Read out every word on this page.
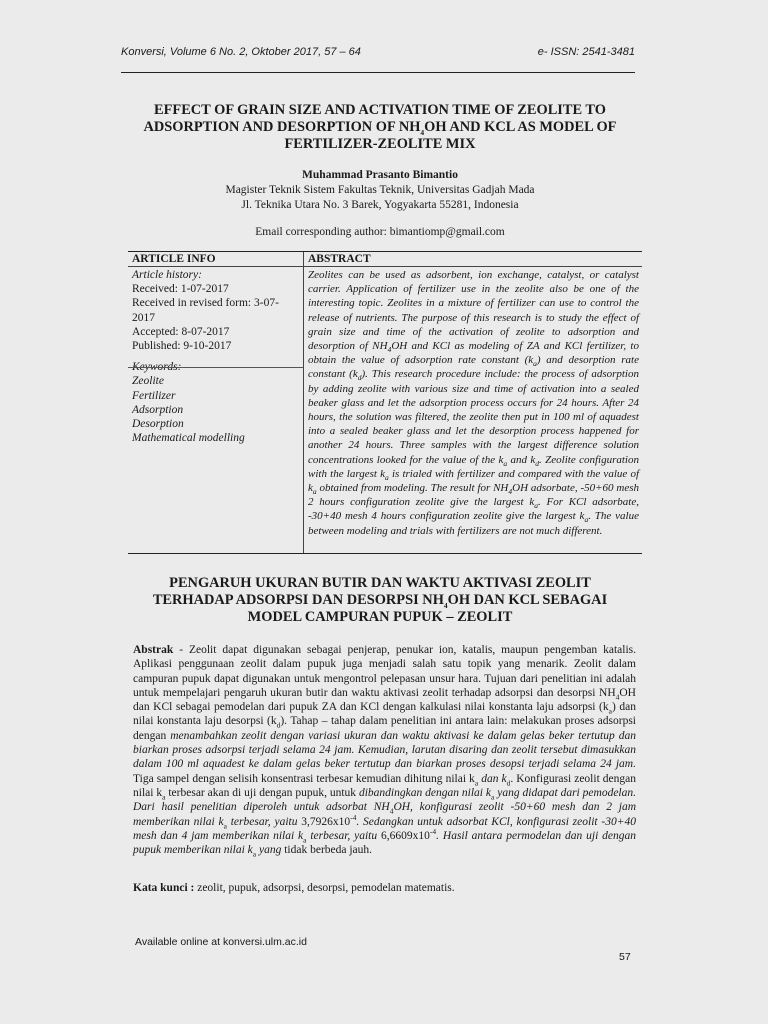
Konversi, Volume 6 No. 2, Oktober 2017, 57 – 64	e- ISSN: 2541-3481
EFFECT OF GRAIN SIZE AND ACTIVATION TIME OF ZEOLITE TO
ADSORPTION AND DESORPTION OF $NH_4OH$ AND KCL AS MODEL OF
FERTILIZER-ZEOLITE MIX
Muhammad Prasanto Bimantio
Magister Teknik Sistem Fakultas Teknik, Universitas Gadjah Mada
Jl. Teknika Utara No. 3 Barek, Yogyakarta 55281, Indonesia
Email corresponding author: bimantiomp@gmail.com
ARTICLE INFO	ABSTRACT
Article history:
Received: 1-07-2017
Received in revised form: 3-07-
2017
Accepted: 8-07-2017
Published: 9-10-2017
Keywords:
Zeolite
Fertilizer
Adsorption
Desorption
Mathematical modelling
Zeolites can be used as adsorbent, ion exchange, catalyst, or catalyst carrier. Application of fertilizer use in the zeolite also be one of the interesting topic. Zeolites in a mixture of fertilizer can use to control the release of nutrients. The purpose of this research is to study the effect of grain size and time of the activation of zeolite to adsorption and desorption of $NH_4OH$ and KCl as modeling of ZA and KCl fertilizer, to obtain the value of adsorption rate constant $(k_a)$ and desorption rate constant $(k_d)$. This research procedure include: the process of adsorption by adding zeolite with various size and time of activation into a sealed beaker glass and let the adsorption process occurs for 24 hours. After 24 hours, the solution was filtered, the zeolite then put in 100 ml of aquadest into a sealed beaker glass and let the desorption process happened for another 24 hours. Three samples with the largest difference solution concentrations looked for the value of the $k_a$ and $k_d$. Zeolite configuration with the largest $k_a$ is trialed with fertilizer and compared with the value of $k_a$ obtained from modeling. The result for $NH_4OH$ adsorbate, -50+60 mesh 2 hours configuration zeolite give the largest $k_a$. For KCl adsorbate, -30+40 mesh 4 hours configuration zeolite give the largest $k_a$. The value between modeling and trials with fertilizers are not much different.
PENGARUH UKURAN BUTIR DAN WAKTU AKTIVASI ZEOLIT
TERHADAP ADSORPSI DAN DESORPSI $NH_4OH$ DAN KCL SEBAGAI
MODEL CAMPURAN PUPUK – ZEOLIT
Abstrak - Zeolit dapat digunakan sebagai penjerap, penukar ion, katalis, maupun pengemban katalis. Aplikasi penggunaan zeolit dalam pupuk juga menjadi salah satu topik yang menarik. Zeolit dalam campuran pupuk dapat digunakan untuk mengontrol pelepasan unsur hara. Tujuan dari penelitian ini adalah untuk mempelajari pengaruh ukuran butir dan waktu aktivasi zeolit terhadap adsorpsi dan desorpsi $NH_4OH$ dan KCl sebagai pemodelan dari pupuk ZA dan KCl dengan kalkulasi nilai konstanta laju adsorpsi $(k_a)$ dan nilai konstanta laju desorpsi $(k_d)$. Tahap – tahap dalam penelitian ini antara lain: melakukan proses adsorpsi dengan menambahkan zeolit dengan variasi ukuran dan waktu aktivasi ke dalam gelas beker tertutup dan biarkan proses adsorpsi terjadi selama 24 jam. Kemudian, larutan disaring dan zeolit tersebut dimasukkan dalam 100 ml aquadest ke dalam gelas beker tertutup dan biarkan proses desopsi terjadi selama 24 jam. Tiga sampel dengan selisih konsentrasi terbesar kemudian dihitung nilai $k_a$ dan $k_d$. Konfigurasi zeolit dengan nilai $k_a$ terbesar akan di uji dengan pupuk, untuk dibandingkan dengan nilai $k_a$ yang didapat dari pemodelan. Dari hasil penelitian diperoleh untuk adsorbat $NH_4OH$, konfigurasi zeolit -50+60 mesh dan 2 jam memberikan nilai $k_a$ terbesar, yaitu $3,7926x10^{-4}$. Sedangkan untuk adsorbat KCl, konfigurasi zeolit -30+40 mesh dan 4 jam memberikan nilai $k_a$ terbesar, yaitu $6,6609x10^{-4}$. Hasil antara permodelan dan uji dengan pupuk memberikan nilai $k_a$ yang tidak berbeda jauh.
Kata kunci : zeolit, pupuk, adsorpsi, desorpsi, pemodelan matematis.
Available online at konversi.ulm.ac.id
57
